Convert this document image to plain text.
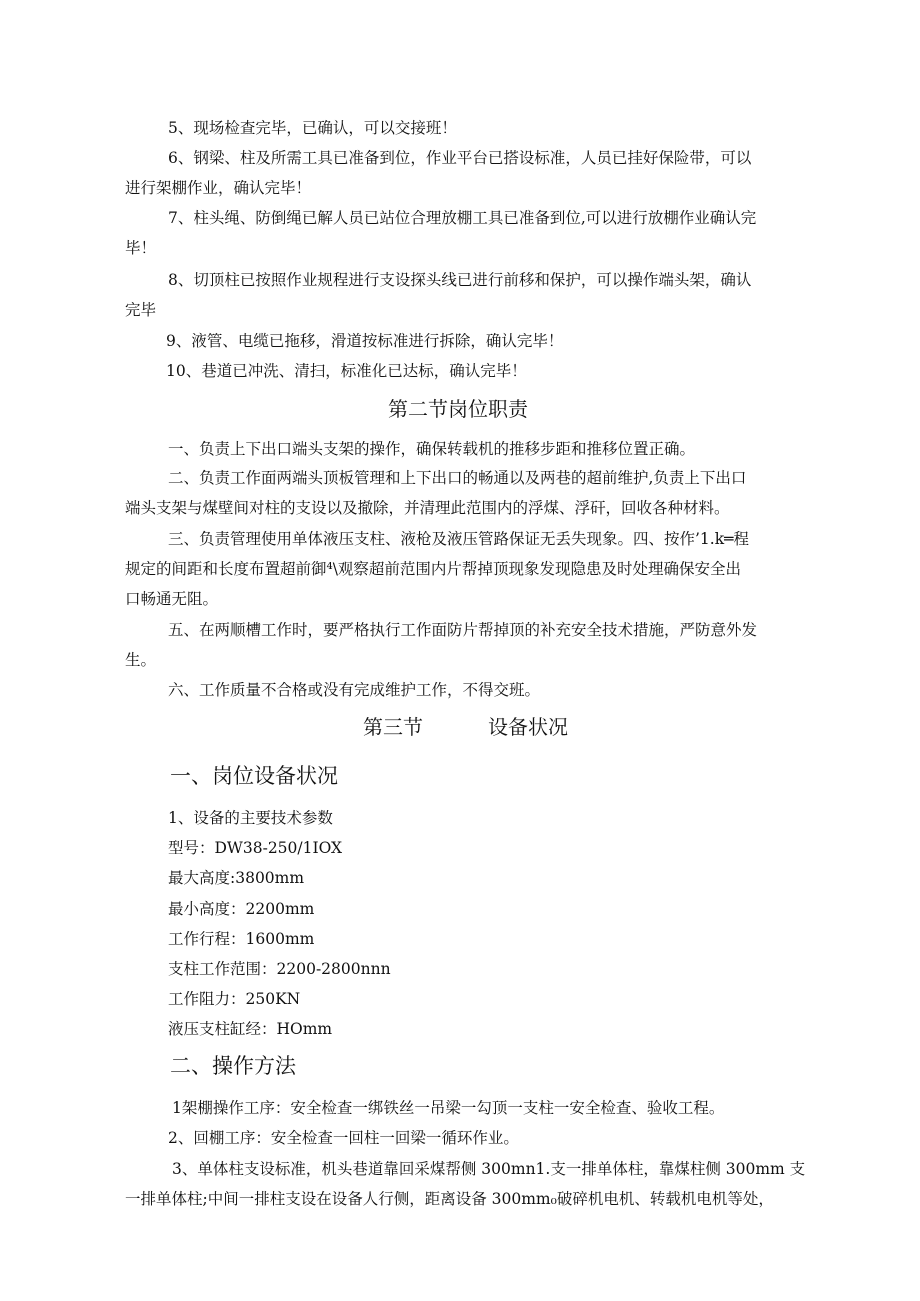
5、现场检查完毕，已确认，可以交接班！
6、钢梁、柱及所需工具已准备到位，作业平台已搭设标准，人员已挂好保险带，可以
进行架棚作业，确认完毕！
7、柱头绳、防倒绳已解人员已站位合理放棚工具已准备到位,可以进行放棚作业确认完
毕！
8、切顶柱已按照作业规程进行支设探头线已进行前移和保护，可以操作端头架，确认
完毕
9、液管、电缆已拖移，滑道按标准进行拆除，确认完毕！
10、巷道已冲洗、清扫，标准化已达标，确认完毕！
第二节岗位职责
一、负责上下出口端头支架的操作，确保转载机的推移步距和推移位置正确。
二、负责工作面两端头顶板管理和上下出口的畅通以及两巷的超前维护,负责上下出口
端头支架与煤壁间对柱的支设以及撤除，并清理此范围内的浮煤、浮矸，回收各种材料。
三、负责管理使用单体液压支柱、液枪及液压管路保证无丢失现象。四、按作’1.k═程
规定的间距和长度布置超前御⁴\观察超前范围内片帮掉顶现象发现隐患及时处理确保安全出
口畅通无阻。
五、在两顺槽工作时，要严格执行工作面防片帮掉顶的补充安全技术措施，严防意外发
生。
六、工作质量不合格或没有完成维护工作，不得交班。
第三节	设备状况
一、岗位设备状况
1、设备的主要技术参数
型号：DW38-250/1IOX
最大高度:3800mm
最小高度：2200mm
工作行程：1600mm
支柱工作范围：2200-2800nnn
工作阻力：250KN
液压支柱缸经：HOmm
二、操作方法
1架棚操作工序：安全检查一绑铁丝一吊梁一勾顶一支柱一安全检查、验收工程。
2、回棚工序：安全检查一回柱一回梁一循环作业。
3、单体柱支设标准，机头巷道靠回采煤帮侧 300mn1.支一排单体柱，靠煤柱侧 300mm 支
一排单体柱;中间一排柱支设在设备人行侧，距离设备 300mm₀破碎机电机、转载机电机等处，
